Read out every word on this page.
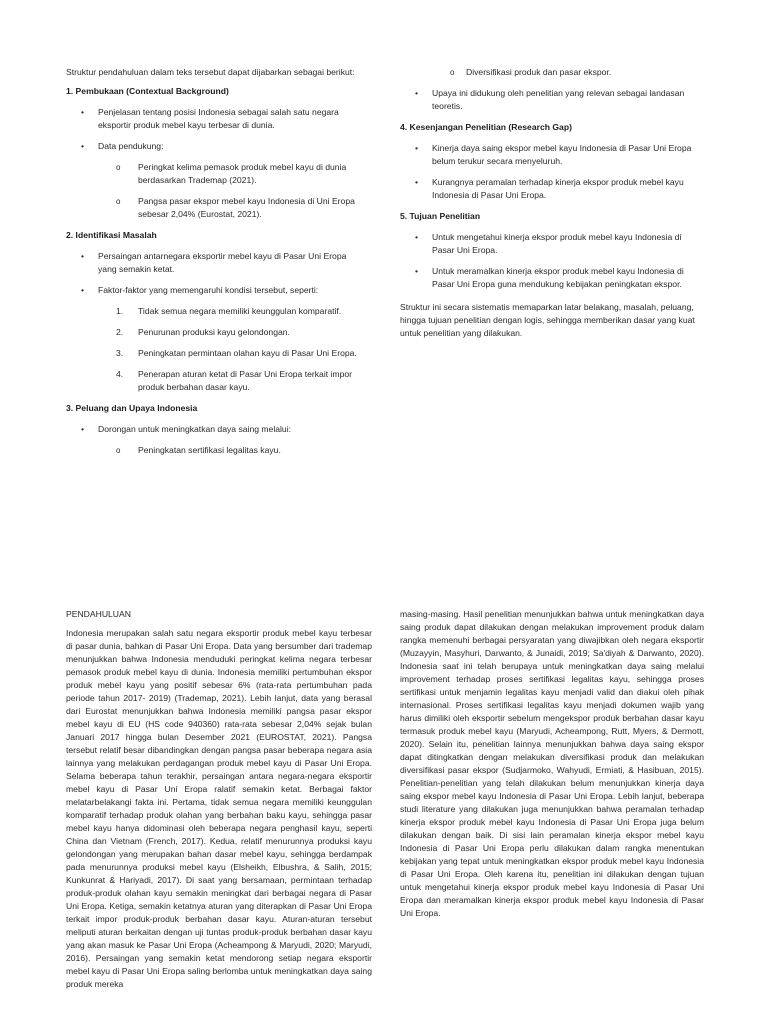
Struktur pendahuluan dalam teks tersebut dapat dijabarkan sebagai berikut:

1. Pembukaan (Contextual Background)

• Penjelasan tentang posisi Indonesia sebagai salah satu negara eksportir produk mebel kayu terbesar di dunia.
• Data pendukung:
o Peringkat kelima pemasok produk mebel kayu di dunia berdasarkan Trademap (2021).
o Pangsa pasar ekspor mebel kayu Indonesia di Uni Eropa sebesar 2,04% (Eurostat, 2021).

2. Identifikasi Masalah

• Persaingan antarnegara eksportir mebel kayu di Pasar Uni Eropa yang semakin ketat.
• Faktor-faktor yang memengaruhi kondisi tersebut, seperti:
1. Tidak semua negara memiliki keunggulan komparatif.
2. Penurunan produksi kayu gelondongan.
3. Peningkatan permintaan olahan kayu di Pasar Uni Eropa.
4. Penerapan aturan ketat di Pasar Uni Eropa terkait impor produk berbahan dasar kayu.

3. Peluang dan Upaya Indonesia

• Dorongan untuk meningkatkan daya saing melalui:
o Peningkatan sertifikasi legalitas kayu.
o Diversifikasi produk dan pasar ekspor.
• Upaya ini didukung oleh penelitian yang relevan sebagai landasan teoretis.

4. Kesenjangan Penelitian (Research Gap)

• Kinerja daya saing ekspor mebel kayu Indonesia di Pasar Uni Eropa belum terukur secara menyeluruh.
• Kurangnya peramalan terhadap kinerja ekspor produk mebel kayu Indonesia di Pasar Uni Eropa.

5. Tujuan Penelitian

• Untuk mengetahui kinerja ekspor produk mebel kayu Indonesia di Pasar Uni Eropa.
• Untuk meramalkan kinerja ekspor produk mebel kayu Indonesia di Pasar Uni Eropa guna mendukung kebijakan peningkatan ekspor.

Struktur ini secara sistematis memaparkan latar belakang, masalah, peluang, hingga tujuan penelitian dengan logis, sehingga memberikan dasar yang kuat untuk penelitian yang dilakukan.

PENDAHULUAN

Indonesia merupakan salah satu negara eksportir produk mebel kayu terbesar di pasar dunia, bahkan di Pasar Uni Eropa. Data yang bersumber dari trademap menunjukkan bahwa Indonesia menduduki peringkat kelima negara terbesar pemasok produk mebel kayu di dunia. Indonesia memiliki pertumbuhan ekspor produk mebel kayu yang positif sebesar 6% (rata-rata pertumbuhan pada periode tahun 2017- 2019) (Trademap, 2021). Lebih lanjut, data yang berasal dari Eurostat menunjukkan bahwa Indonesia memiliki pangsa pasar ekspor mebel kayu di EU (HS code 940360) rata-rata sebesar 2,04% sejak bulan Januari 2017 hingga bulan Desember 2021 (EUROSTAT, 2021). Pangsa tersebut relatif besar dibandingkan dengan pangsa pasar beberapa negara asia lainnya yang melakukan perdagangan produk mebel kayu di Pasar Uni Eropa. Selama beberapa tahun terakhir, persaingan antara negara-negara eksportir mebel kayu di Pasar Uni Eropa ralatif semakin ketat. Berbagai faktor melatarbelakangi fakta ini. Pertama, tidak semua negara memiliki keunggulan komparatif terhadap produk olahan yang berbahan baku kayu, sehingga pasar mebel kayu hanya didominasi oleh beberapa negara penghasil kayu, seperti China dan Vietnam (French, 2017). Kedua, relatif menurunnya produksi kayu gelondongan yang merupakan bahan dasar mebel kayu, sehingga berdampak pada menurunnya produksi mebel kayu (Elsheikh, Elbushra, & Salih, 2015; Kunkunrat & Hariyadi, 2017). Di saat yang bersamaan, permintaan terhadap produk-produk olahan kayu semakin meningkat dari berbagai negara di Pasar Uni Eropa. Ketiga, semakin ketatnya aturan yang diterapkan di Pasar Uni Eropa terkait impor produk-produk berbahan dasar kayu. Aturan-aturan tersebut meliputi aturan berkaitan dengan uji tuntas produk-produk berbahan dasar kayu yang akan masuk ke Pasar Uni Eropa (Acheampong & Maryudi, 2020; Maryudi, 2016). Persaingan yang semakin ketat mendorong setiap negara eksportir mebel kayu di Pasar Uni Eropa saling berlomba untuk meningkatkan daya saing produk mereka

masing-masing. Hasil penelitian menunjukkan bahwa untuk meningkatkan daya saing produk dapat dilakukan dengan melakukan improvement produk dalam rangka memenuhi berbagai persyaratan yang diwajibkan oleh negara eksportir (Muzayyin, Masyhuri, Darwanto, & Junaidi, 2019; Sa'diyah & Darwanto, 2020). Indonesia saat ini telah berupaya untuk meningkatkan daya saing melalui improvement terhadap proses sertifikasi legalitas kayu, sehingga proses sertifikasi untuk menjamin legalitas kayu menjadi valid dan diakui oleh pihak internasional. Proses sertifikasi legalitas kayu menjadi dokumen wajib yang harus dimiliki oleh eksportir sebelum mengekspor produk berbahan dasar kayu termasuk produk mebel kayu (Maryudi, Acheampong, Rutt, Myers, & Dermott, 2020). Selain itu, penelitian lainnya menunjukkan bahwa daya saing ekspor dapat ditingkatkan dengan melakukan diversifikasi produk dan melakukan diversifikasi pasar ekspor (Sudjarmoko, Wahyudi, Ermiati, & Hasibuan, 2015). Penelitian-penelitian yang telah dilakukan belum menunjukkan kinerja daya saing ekspor mebel kayu Indonesia di Pasar Uni Eropa. Lebih lanjut, beberapa studi literature yang dilakukan juga menunjukkan bahwa peramalan terhadap kinerja ekspor produk mebel kayu Indonesia di Pasar Uni Eropa juga belum dilakukan dengan baik. Di sisi lain peramalan kinerja ekspor mebel kayu Indonesia di Pasar Uni Eropa perlu dilakukan dalam rangka menentukan kebijakan yang tepat untuk meningkatkan ekspor produk mebel kayu Indonesia di Pasar Uni Eropa. Oleh karena itu, penelitian ini dilakukan dengan tujuan untuk mengetahui kinerja ekspor produk mebel kayu Indonesia di Pasar Uni Eropa dan meramalkan kinerja ekspor produk mebel kayu Indonesia di Pasar Uni Eropa.
